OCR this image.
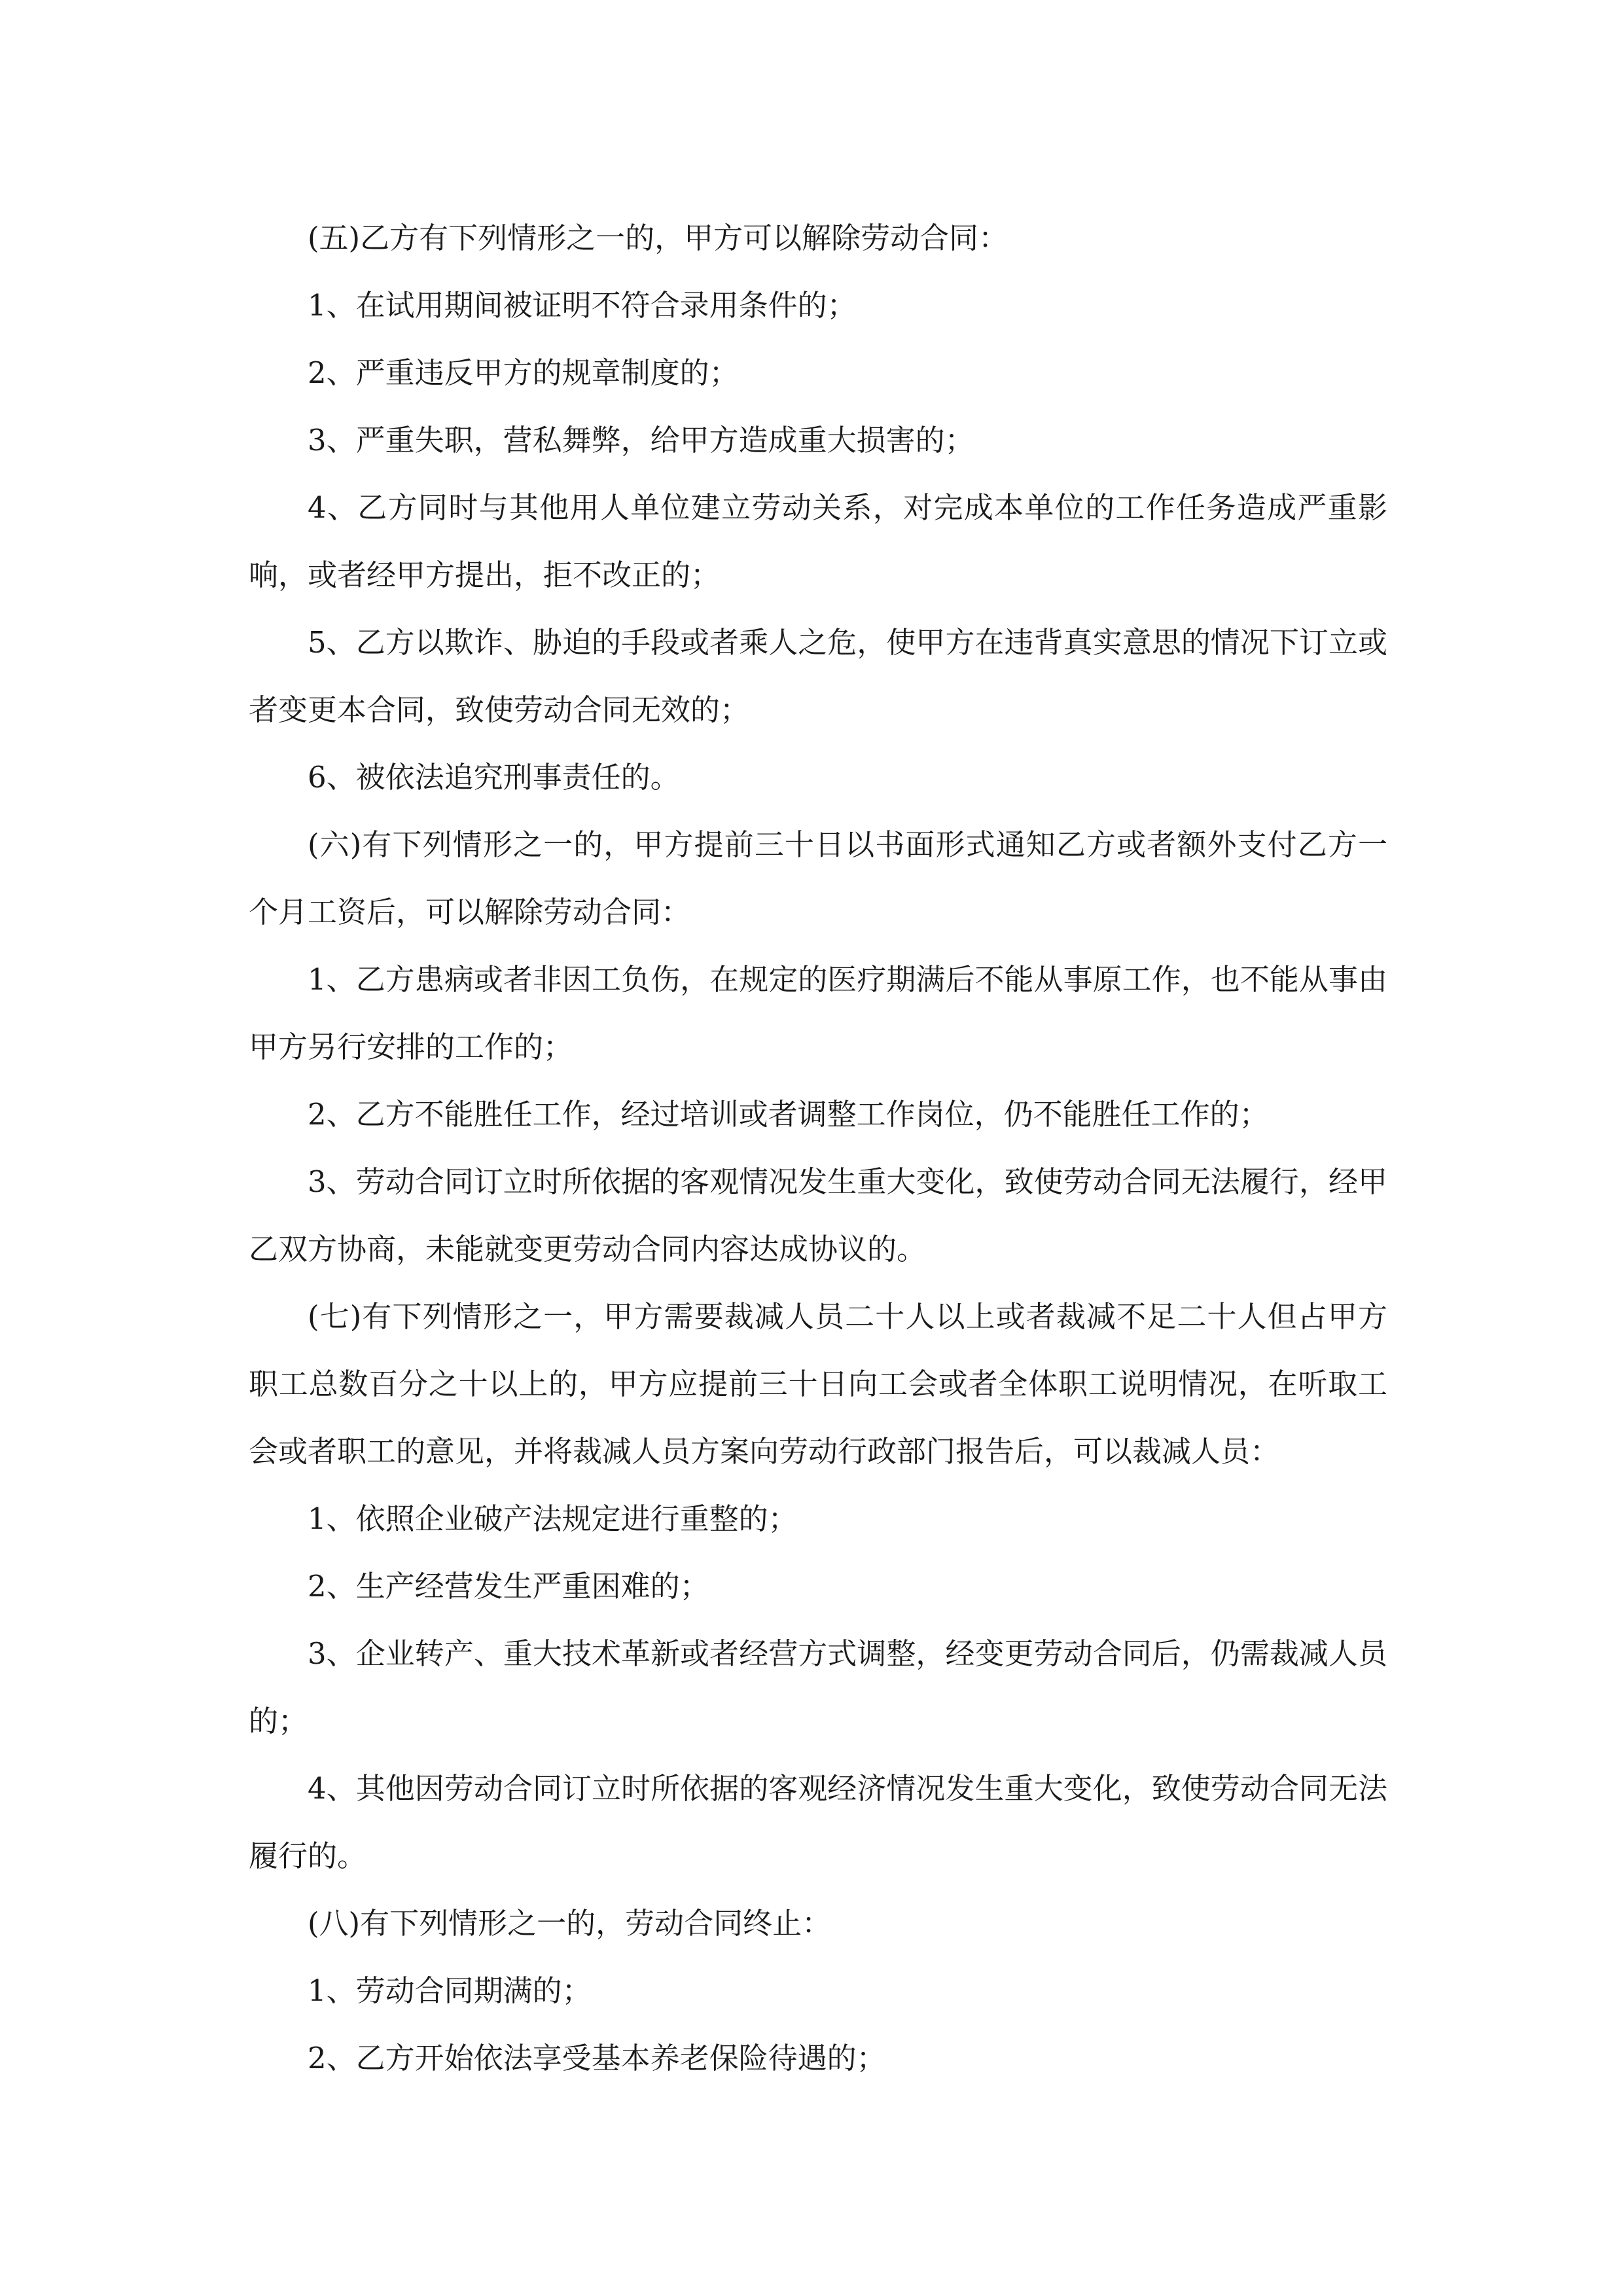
(五)乙方有下列情形之一的，甲方可以解除劳动合同：

1、在试用期间被证明不符合录用条件的；

2、严重违反甲方的规章制度的；

3、严重失职，营私舞弊，给甲方造成重大损害的；

4、乙方同时与其他用人单位建立劳动关系，对完成本单位的工作任务造成严重影响，或者经甲方提出，拒不改正的；

5、乙方以欺诈、胁迫的手段或者乘人之危，使甲方在违背真实意思的情况下订立或者变更本合同，致使劳动合同无效的；

6、被依法追究刑事责任的。

(六)有下列情形之一的，甲方提前三十日以书面形式通知乙方或者额外支付乙方一个月工资后，可以解除劳动合同：

1、乙方患病或者非因工负伤，在规定的医疗期满后不能从事原工作，也不能从事由甲方另行安排的工作的；

2、乙方不能胜任工作，经过培训或者调整工作岗位，仍不能胜任工作的；

3、劳动合同订立时所依据的客观情况发生重大变化，致使劳动合同无法履行，经甲乙双方协商，未能就变更劳动合同内容达成协议的。

(七)有下列情形之一，甲方需要裁减人员二十人以上或者裁减不足二十人但占甲方职工总数百分之十以上的，甲方应提前三十日向工会或者全体职工说明情况，在听取工会或者职工的意见，并将裁减人员方案向劳动行政部门报告后，可以裁减人员：

1、依照企业破产法规定进行重整的；

2、生产经营发生严重困难的；

3、企业转产、重大技术革新或者经营方式调整，经变更劳动合同后，仍需裁减人员的；

4、其他因劳动合同订立时所依据的客观经济情况发生重大变化，致使劳动合同无法履行的。

(八)有下列情形之一的，劳动合同终止：

1、劳动合同期满的；

2、乙方开始依法享受基本养老保险待遇的；
